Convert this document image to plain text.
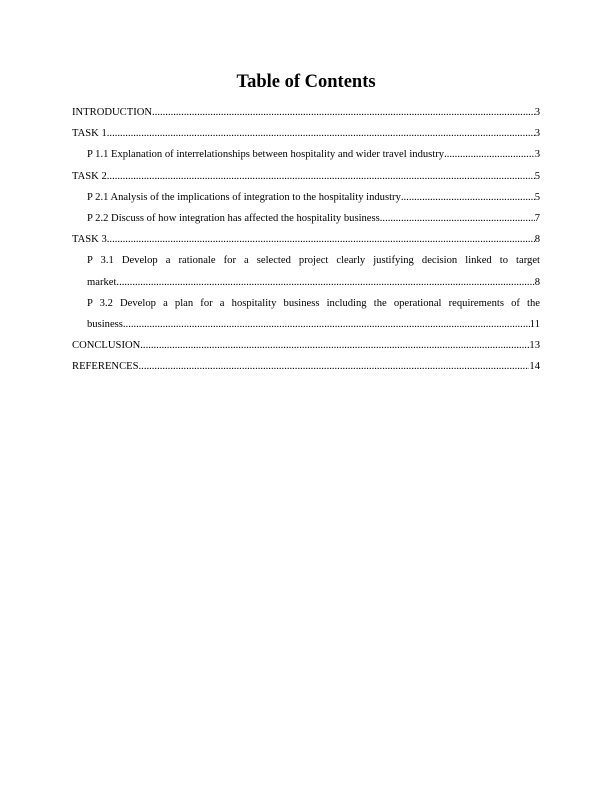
Table of Contents
INTRODUCTION .....	3
TASK 1 .....	3
P 1.1 Explanation of interrelationships between hospitality and wider travel industry .....	3
TASK 2 .....	5
P 2.1 Analysis of the implications of integration to the hospitality industry .....	5
P 2.2 Discuss of how integration has affected the hospitality business .....	7
TASK 3 .....	8
P 3.1 Develop a rationale for a selected project clearly justifying decision linked to target
market .....	8
P 3.2 Develop a plan for a hospitality business including the operational requirements of the
business .....	11
CONCLUSION .....	13
REFERENCES .....	14
